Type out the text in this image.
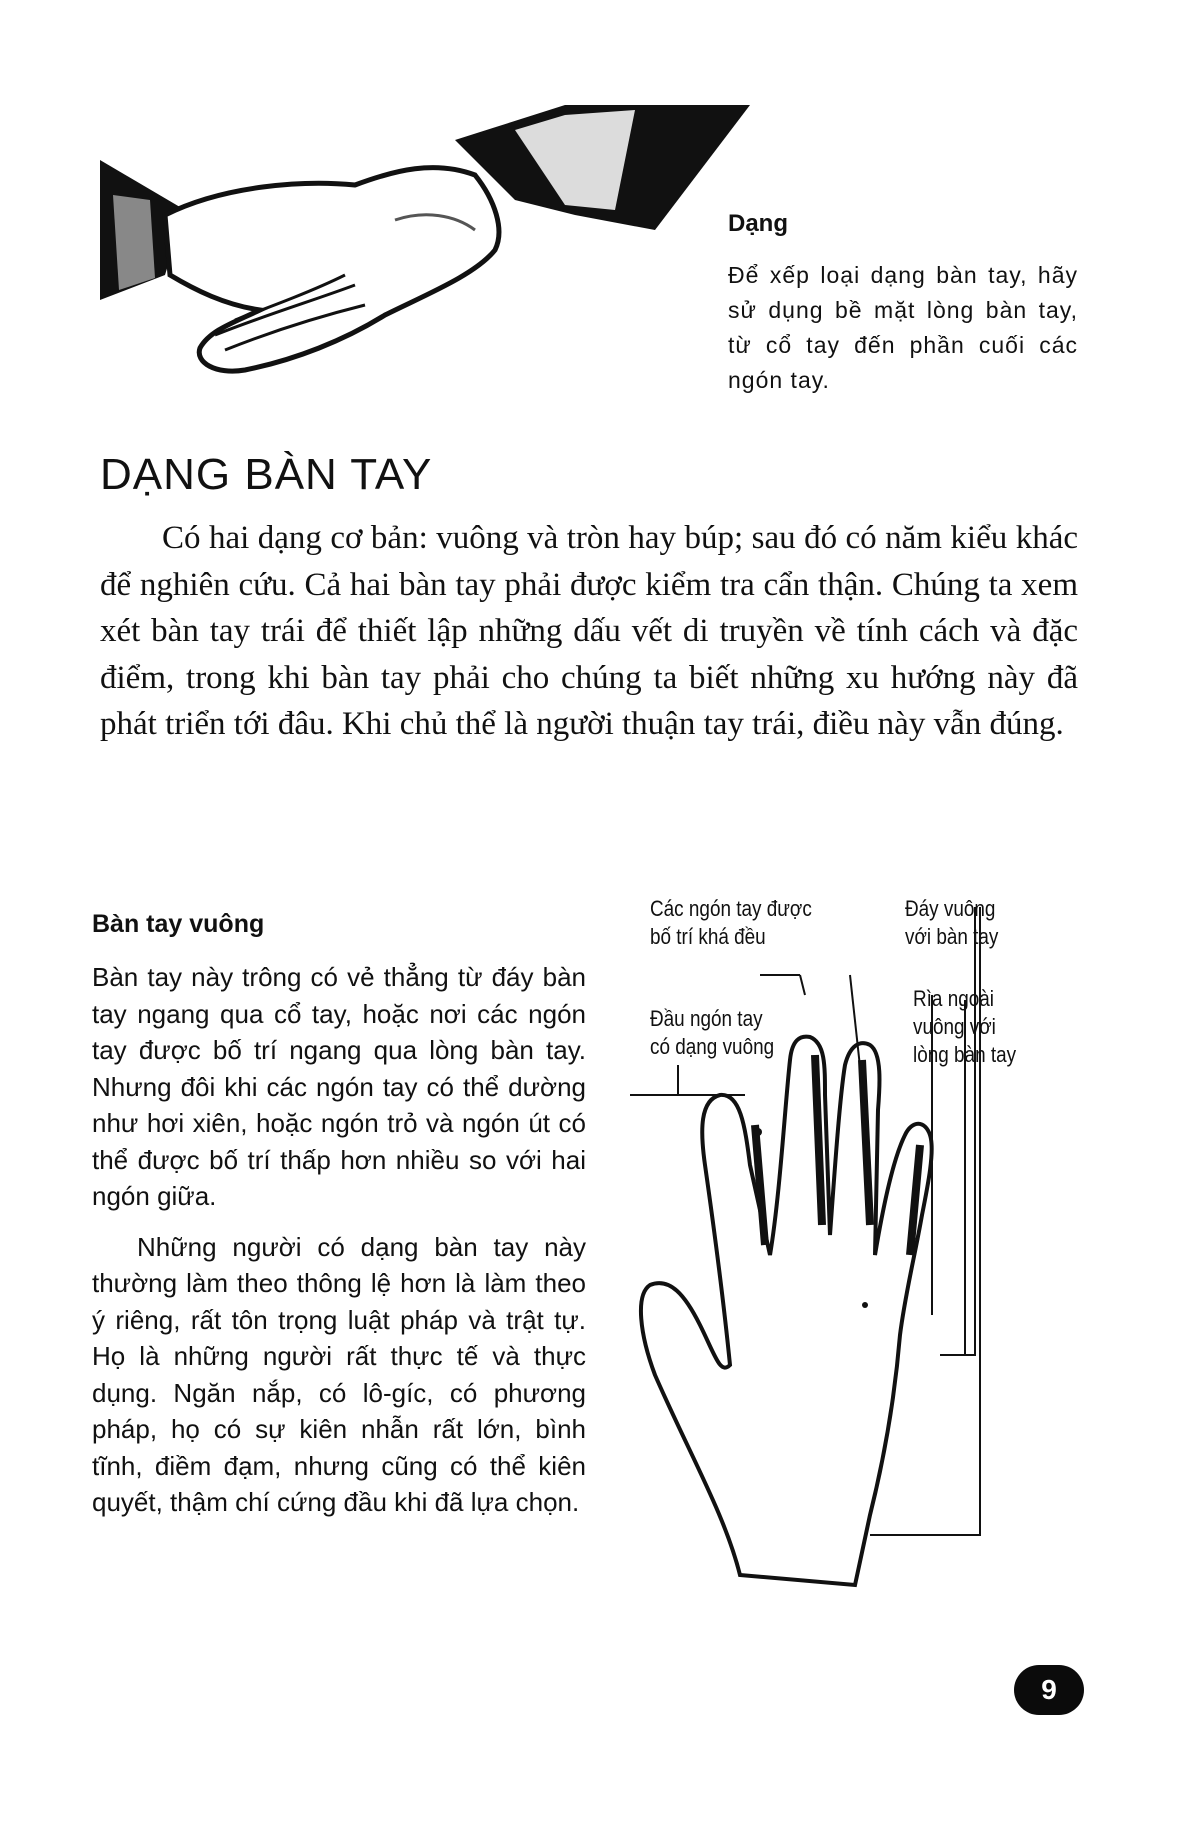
Dạng

Để xếp loại dạng bàn tay, hãy sử dụng bề mặt lòng bàn tay, từ cổ tay đến phần cuối các ngón tay.

DẠNG BÀN TAY

Có hai dạng cơ bản: vuông và tròn hay búp; sau đó có năm kiểu khác để nghiên cứu. Cả hai bàn tay phải được kiểm tra cẩn thận. Chúng ta xem xét bàn tay trái để thiết lập những dấu vết di truyền về tính cách và đặc điểm, trong khi bàn tay phải cho chúng ta biết những xu hướng này đã phát triển tới đâu. Khi chủ thể là người thuận tay trái, điều này vẫn đúng.

Bàn tay vuông

Bàn tay này trông có vẻ thẳng từ đáy bàn tay ngang qua cổ tay, hoặc nơi các ngón tay được bố trí ngang qua lòng bàn tay. Nhưng đôi khi các ngón tay có thể dường như hơi xiên, hoặc ngón trỏ và ngón út có thể được bố trí thấp hơn nhiều so với hai ngón giữa.

Những người có dạng bàn tay này thường làm theo thông lệ hơn là làm theo ý riêng, rất tôn trọng luật pháp và trật tự. Họ là những người rất thực tế và thực dụng. Ngăn nắp, có lô-gíc, có phương pháp, họ có sự kiên nhẫn rất lớn, bình tĩnh, điềm đạm, nhưng cũng có thể kiên quyết, thậm chí cứng đầu khi đã lựa chọn.

Các ngón tay được
bố trí khá đều
Đáy vuông
với bàn tay
Đầu ngón tay
có dạng vuông
Rìa ngoài
vuông với
lòng bàn tay
9
